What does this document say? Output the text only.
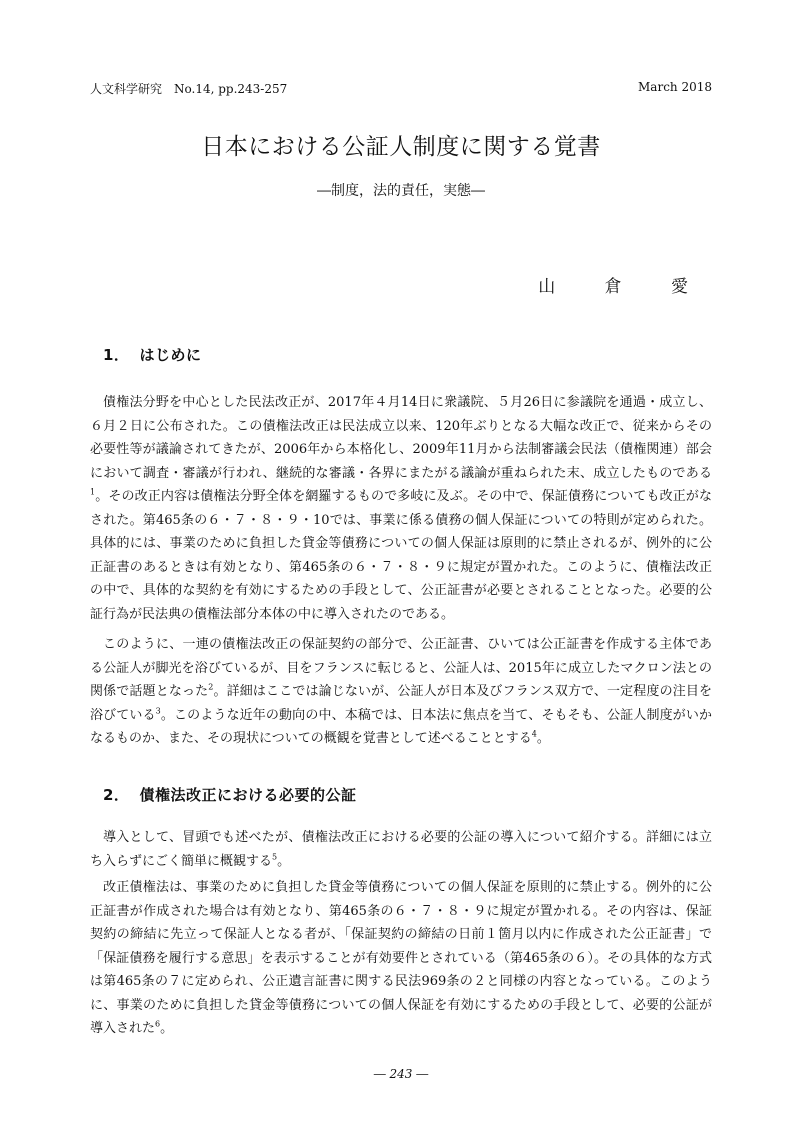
人文科学研究　No.14, pp.243-257	March 2018
日本における公証人制度に関する覚書
―制度，法的責任，実態―
山 倉 愛
1． はじめに

債権法分野を中心とした民法改正が、2017年４月14日に衆議院、５月26日に参議院を通過・成立し、６月２日に公布された。この債権法改正は民法成立以来、120年ぶりとなる大幅な改正で、従来からその必要性等が議論されてきたが、2006年から本格化し、2009年11月から法制審議会民法（債権関連）部会において調査・審議が行われ、継続的な審議・各界にまたがる議論が重ねられた末、成立したものである$^1$。その改正内容は債権法分野全体を網羅するもので多岐に及ぶ。その中で、保証債務についても改正がなされた。第465条の６・７・８・９・10では、事業に係る債務の個人保証についての特則が定められた。具体的には、事業のために負担した貸金等債務についての個人保証は原則的に禁止されるが、例外的に公正証書のあるときは有効となり、第465条の６・７・８・９に規定が置かれた。このように、債権法改正の中で、具体的な契約を有効にするための手段として、公正証書が必要とされることとなった。必要的公証行為が民法典の債権法部分本体の中に導入されたのである。

このように、一連の債権法改正の保証契約の部分で、公正証書、ひいては公正証書を作成する主体である公証人が脚光を浴びているが、目をフランスに転じると、公証人は、2015年に成立したマクロン法との関係で話題となった$^2$。詳細はここでは論じないが、公証人が日本及びフランス双方で、一定程度の注目を浴びている$^3$。このような近年の動向の中、本稿では、日本法に焦点を当て、そもそも、公証人制度がいかなるものか、また、その現状についての概観を覚書として述べることとする$^4$。

2． 債権法改正における必要的公証

導入として、冒頭でも述べたが、債権法改正における必要的公証の導入について紹介する。詳細には立ち入らずにごく簡単に概観する$^5$。

改正債権法は、事業のために負担した貸金等債務についての個人保証を原則的に禁止する。例外的に公正証書が作成された場合は有効となり、第465条の６・７・８・９に規定が置かれる。その内容は、保証契約の締結に先立って保証人となる者が、「保証契約の締結の日前１箇月以内に作成された公正証書」で「保証債務を履行する意思」を表示することが有効要件とされている（第465条の６）。その具体的な方式は第465条の７に定められ、公正遺言証書に関する民法969条の２と同様の内容となっている。このように、事業のために負担した貸金等債務についての個人保証を有効にするための手段として、必要的公証が導入された$^6$。

― 243 ―
